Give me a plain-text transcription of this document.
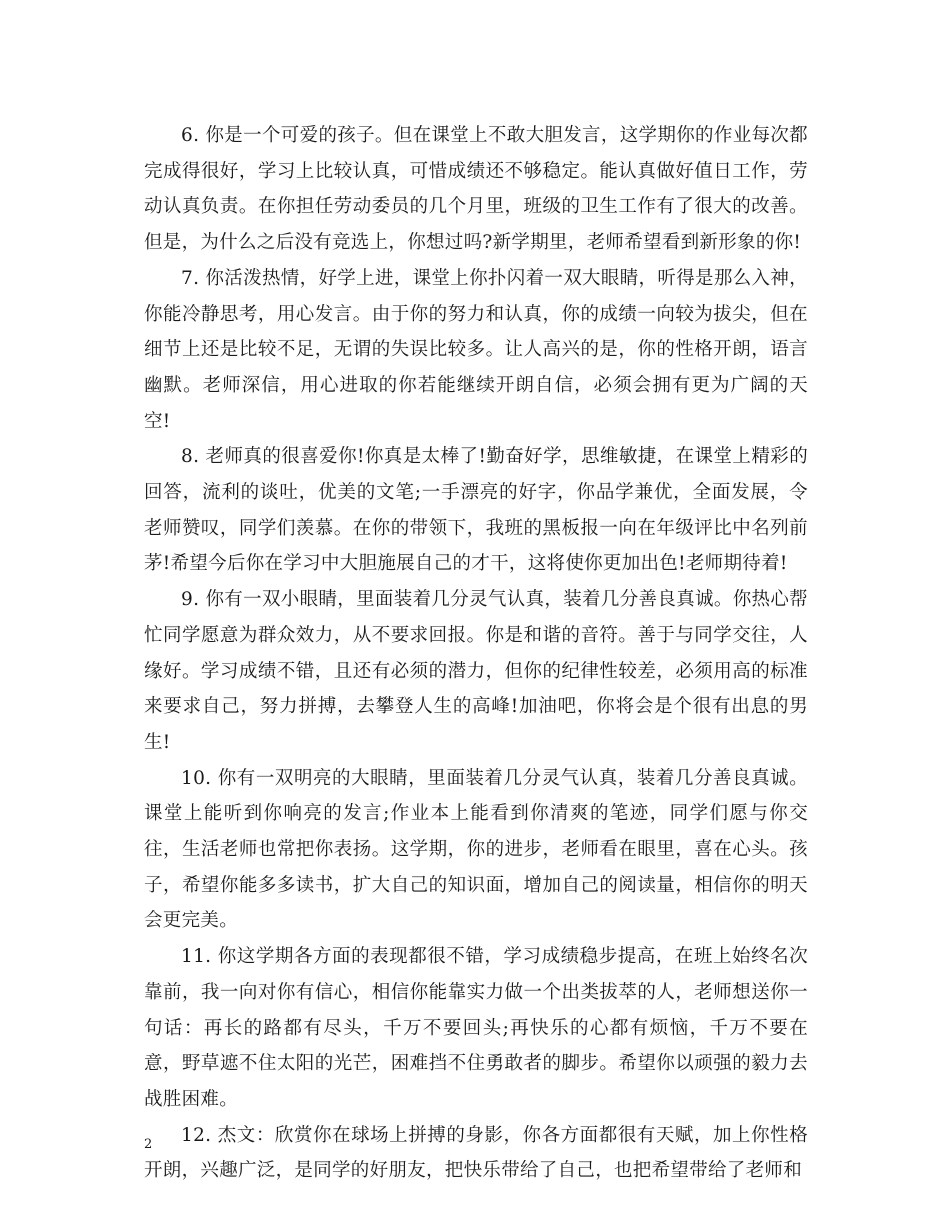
6. 你是一个可爱的孩子。但在课堂上不敢大胆发言，这学期你的作业每次都完成得很好，学习上比较认真，可惜成绩还不够稳定。能认真做好值日工作，劳动认真负责。在你担任劳动委员的几个月里，班级的卫生工作有了很大的改善。但是，为什么之后没有竞选上，你想过吗?新学期里，老师希望看到新形象的你!

7. 你活泼热情，好学上进，课堂上你扑闪着一双大眼睛，听得是那么入神，你能冷静思考，用心发言。由于你的努力和认真，你的成绩一向较为拔尖，但在细节上还是比较不足，无谓的失误比较多。让人高兴的是，你的性格开朗，语言幽默。老师深信，用心进取的你若能继续开朗自信，必须会拥有更为广阔的天空!

8. 老师真的很喜爱你!你真是太棒了!勤奋好学，思维敏捷，在课堂上精彩的回答，流利的谈吐，优美的文笔;一手漂亮的好字，你品学兼优，全面发展，令老师赞叹，同学们羡慕。在你的带领下，我班的黑板报一向在年级评比中名列前茅!希望今后你在学习中大胆施展自己的才干，这将使你更加出色!老师期待着!

9. 你有一双小眼睛，里面装着几分灵气认真，装着几分善良真诚。你热心帮忙同学愿意为群众效力，从不要求回报。你是和谐的音符。善于与同学交往，人缘好。学习成绩不错，且还有必须的潜力，但你的纪律性较差，必须用高的标准来要求自己，努力拼搏，去攀登人生的高峰!加油吧，你将会是个很有出息的男生!

10. 你有一双明亮的大眼睛，里面装着几分灵气认真，装着几分善良真诚。课堂上能听到你响亮的发言;作业本上能看到你清爽的笔迹，同学们愿与你交往，生活老师也常把你表扬。这学期，你的进步，老师看在眼里，喜在心头。孩子，希望你能多多读书，扩大自己的知识面，增加自己的阅读量，相信你的明天会更完美。

11. 你这学期各方面的表现都很不错，学习成绩稳步提高，在班上始终名次靠前，我一向对你有信心，相信你能靠实力做一个出类拔萃的人，老师想送你一句话：再长的路都有尽头，千万不要回头;再快乐的心都有烦恼，千万不要在意，野草遮不住太阳的光芒，困难挡不住勇敢者的脚步。希望你以顽强的毅力去战胜困难。

12. 杰文：欣赏你在球场上拼搏的身影，你各方面都很有天赋，加上你性格开朗，兴趣广泛，是同学的好朋友，把快乐带给了自己，也把希望带给了老师和

2
